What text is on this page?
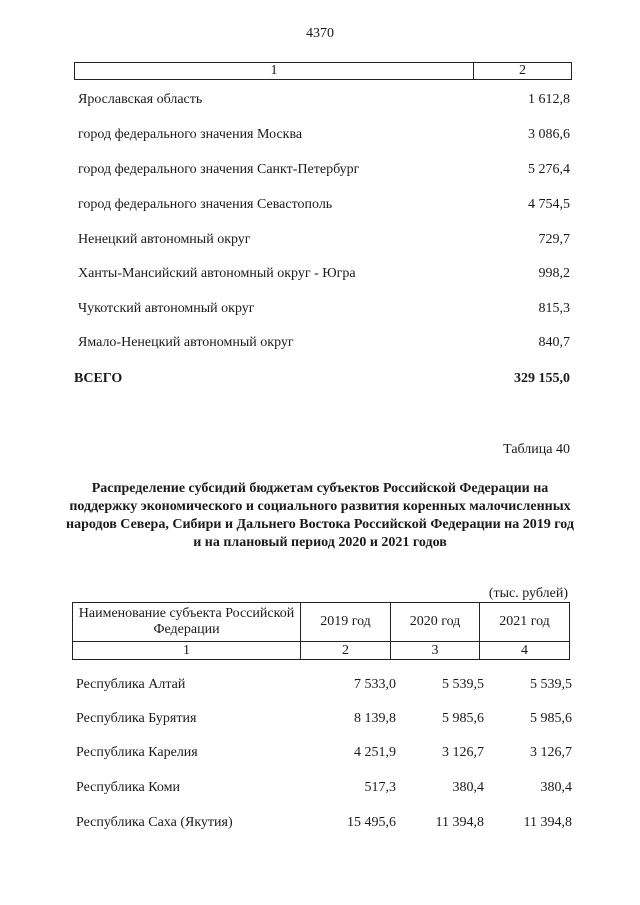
4370
1	2
Ярославская область	1 612,8
город федерального значения Москва	3 086,6
город федерального значения Санкт-Петербург	5 276,4
город федерального значения Севастополь	4 754,5
Ненецкий автономный округ	729,7
Ханты-Мансийский автономный округ - Югра	998,2
Чукотский автономный округ	815,3
Ямало-Ненецкий автономный округ	840,7
ВСЕГО	329 155,0
Таблица 40
Распределение субсидий бюджетам субъектов Российской Федерации на поддержку экономического и социального развития коренных малочисленных народов Севера, Сибири и Дальнего Востока Российской Федерации на 2019 год и на плановый период 2020 и 2021 годов
(тыс. рублей)
Наименование субъекта Российской Федерации	2019 год	2020 год	2021 год
1	2	3	4
Республика Алтай	7 533,0	5 539,5	5 539,5
Республика Бурятия	8 139,8	5 985,6	5 985,6
Республика Карелия	4 251,9	3 126,7	3 126,7
Республика Коми	517,3	380,4	380,4
Республика Саха (Якутия)	15 495,6	11 394,8	11 394,8
